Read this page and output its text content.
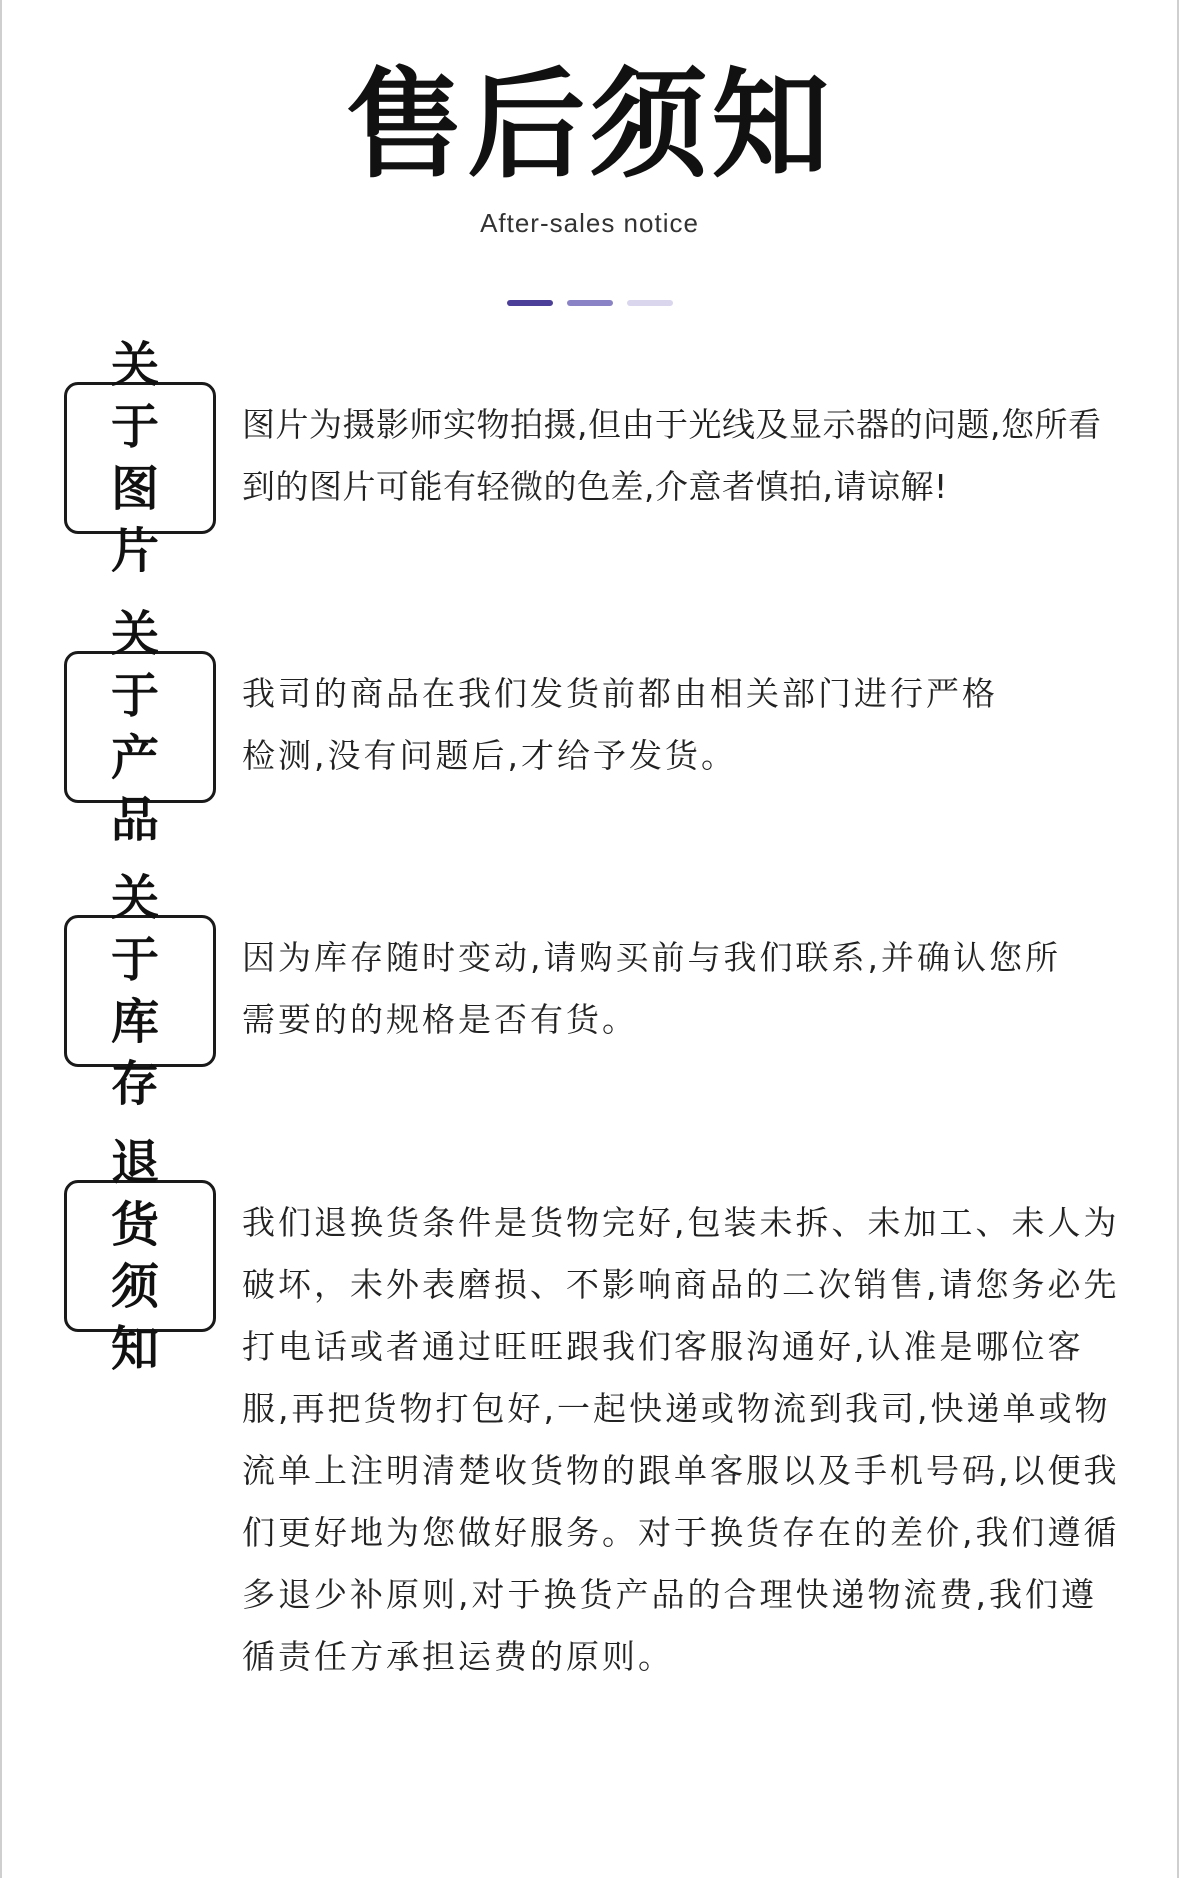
售后须知
After-sales notice
关于图片
图片为摄影师实物拍摄,但由于光线及显示器的问题,您所看到的图片可能有轻微的色差,介意者慎拍,请谅解!
关于产品
我司的商品在我们发货前都由相关部门进行严格检测,没有问题后,才给予发货。
关于库存
因为库存随时变动,请购买前与我们联系,并确认您所需要的的规格是否有货。
退货须知
我们退换货条件是货物完好,包装未拆、未加工、未人为破坏，未外表磨损、不影响商品的二次销售,请您务必先打电话或者通过旺旺跟我们客服沟通好,认准是哪位客服,再把货物打包好,一起快递或物流到我司,快递单或物流单上注明清楚收货物的跟单客服以及手机号码,以便我们更好地为您做好服务。对于换货存在的差价,我们遵循多退少补原则,对于换货产品的合理快递物流费,我们遵循责任方承担运费的原则。
